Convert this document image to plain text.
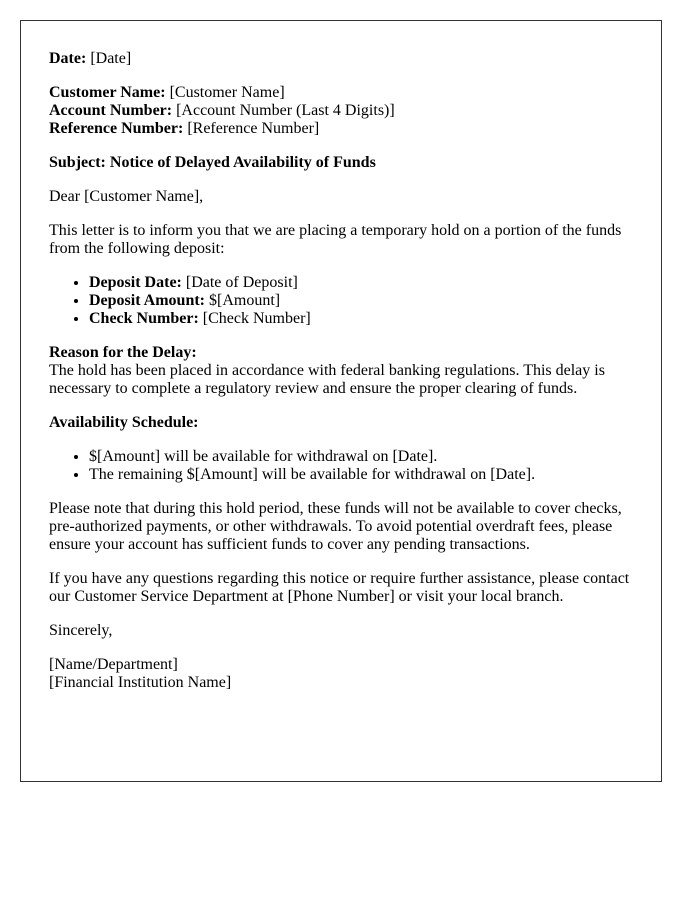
Date: [Date]

Customer Name: [Customer Name]
Account Number: [Account Number (Last 4 Digits)]
Reference Number: [Reference Number]

Subject: Notice of Delayed Availability of Funds

Dear [Customer Name],

This letter is to inform you that we are placing a temporary hold on a portion of the funds from the following deposit:

• Deposit Date: [Date of Deposit]
• Deposit Amount: $[Amount]
• Check Number: [Check Number]

Reason for the Delay:
The hold has been placed in accordance with federal banking regulations. This delay is necessary to complete a regulatory review and ensure the proper clearing of funds.

Availability Schedule:

• $[Amount] will be available for withdrawal on [Date].
• The remaining $[Amount] will be available for withdrawal on [Date].

Please note that during this hold period, these funds will not be available to cover checks, pre-authorized payments, or other withdrawals. To avoid potential overdraft fees, please ensure your account has sufficient funds to cover any pending transactions.

If you have any questions regarding this notice or require further assistance, please contact our Customer Service Department at [Phone Number] or visit your local branch.

Sincerely,

[Name/Department]
[Financial Institution Name]
